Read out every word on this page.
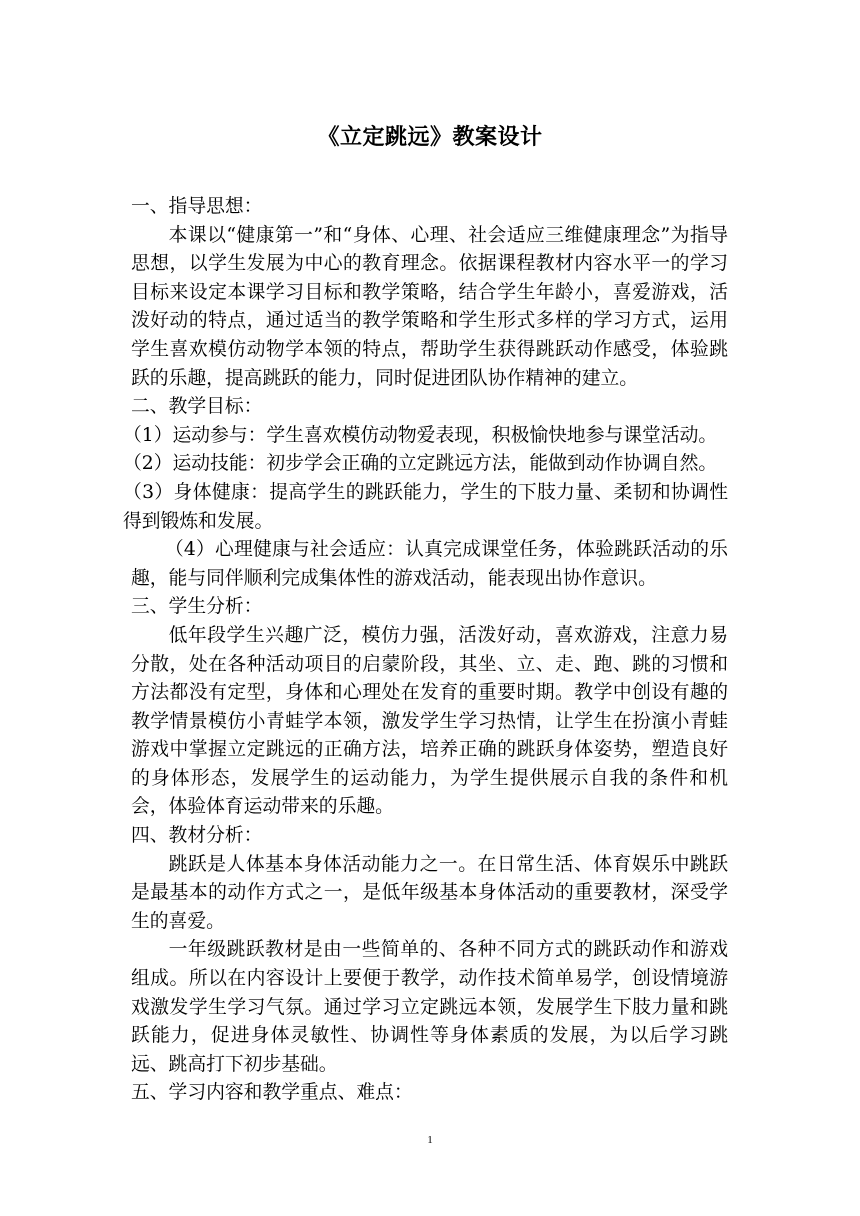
《立定跳远》教案设计

一、指导思想：

本课以“健康第一”和“身体、心理、社会适应三维健康理念”为指导思想，以学生发展为中心的教育理念。依据课程教材内容水平一的学习目标来设定本课学习目标和教学策略，结合学生年龄小，喜爱游戏，活泼好动的特点，通过适当的教学策略和学生形式多样的学习方式，运用学生喜欢模仿动物学本领的特点，帮助学生获得跳跃动作感受，体验跳跃的乐趣，提高跳跃的能力，同时促进团队协作精神的建立。

二、教学目标：

（1）运动参与：学生喜欢模仿动物爱表现，积极愉快地参与课堂活动。

（2）运动技能：初步学会正确的立定跳远方法，能做到动作协调自然。

（3）身体健康：提高学生的跳跃能力，学生的下肢力量、柔韧和协调性得到锻炼和发展。

（4）心理健康与社会适应：认真完成课堂任务，体验跳跃活动的乐趣，能与同伴顺利完成集体性的游戏活动，能表现出协作意识。

三、学生分析：

低年段学生兴趣广泛，模仿力强，活泼好动，喜欢游戏，注意力易分散，处在各种活动项目的启蒙阶段，其坐、立、走、跑、跳的习惯和方法都没有定型，身体和心理处在发育的重要时期。教学中创设有趣的教学情景模仿小青蛙学本领，激发学生学习热情，让学生在扮演小青蛙游戏中掌握立定跳远的正确方法，培养正确的跳跃身体姿势，塑造良好的身体形态，发展学生的运动能力，为学生提供展示自我的条件和机会，体验体育运动带来的乐趣。

四、教材分析：

跳跃是人体基本身体活动能力之一。在日常生活、体育娱乐中跳跃是最基本的动作方式之一，是低年级基本身体活动的重要教材，深受学生的喜爱。

一年级跳跃教材是由一些简单的、各种不同方式的跳跃动作和游戏组成。所以在内容设计上要便于教学，动作技术简单易学，创设情境游戏激发学生学习气氛。通过学习立定跳远本领，发展学生下肢力量和跳跃能力，促进身体灵敏性、协调性等身体素质的发展，为以后学习跳远、跳高打下初步基础。

五、学习内容和教学重点、难点：

1
